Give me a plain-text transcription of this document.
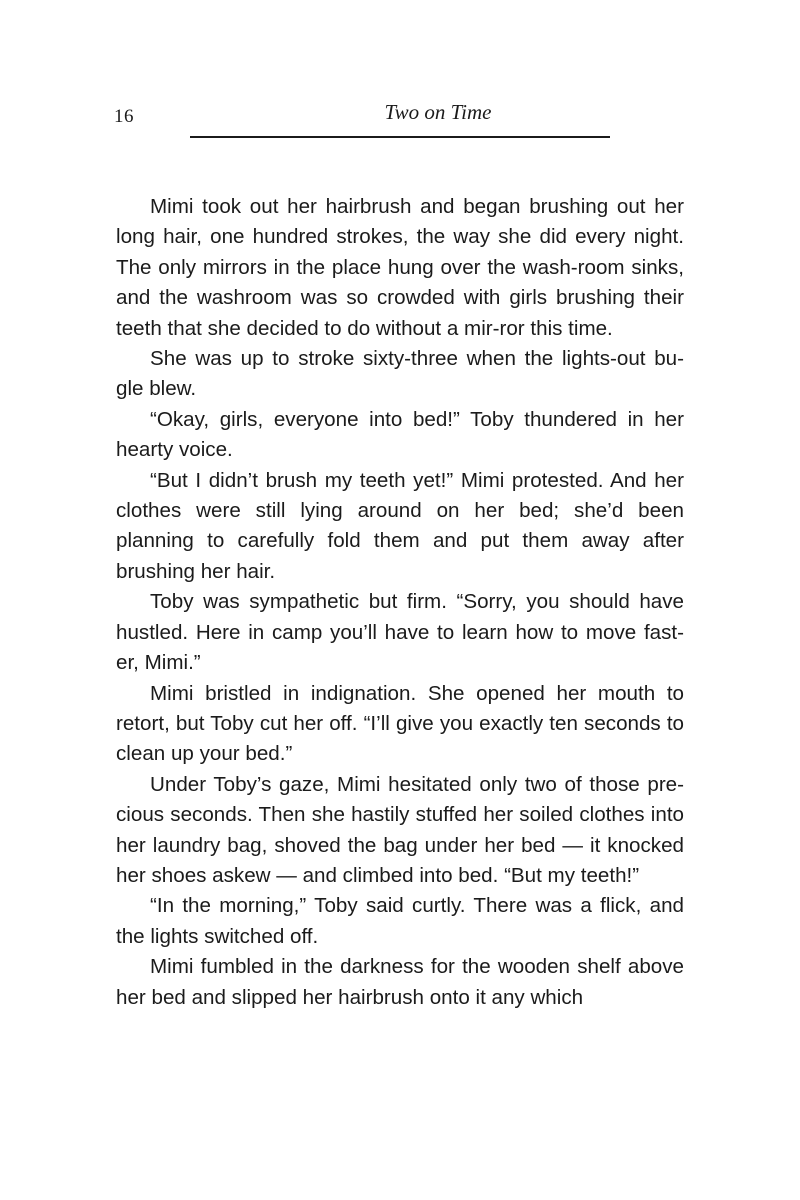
16	Two on Time

Mimi took out her hairbrush and began brushing out her long hair, one hundred strokes, the way she did every night. The only mirrors in the place hung over the wash-room sinks, and the washroom was so crowded with girls brushing their teeth that she decided to do without a mir-ror this time.

She was up to stroke sixty-three when the lights-out bu-gle blew.

“Okay, girls, everyone into bed!” Toby thundered in her hearty voice.

“But I didn’t brush my teeth yet!” Mimi protested. And her clothes were still lying around on her bed; she’d been planning to carefully fold them and put them away after brushing her hair.

Toby was sympathetic but firm. “Sorry, you should have hustled. Here in camp you’ll have to learn how to move fast-er, Mimi.”

Mimi bristled in indignation. She opened her mouth to retort, but Toby cut her off. “I’ll give you exactly ten seconds to clean up your bed.”

Under Toby’s gaze, Mimi hesitated only two of those pre-cious seconds. Then she hastily stuffed her soiled clothes into her laundry bag, shoved the bag under her bed — it knocked her shoes askew — and climbed into bed. “But my teeth!”

“In the morning,” Toby said curtly. There was a flick, and the lights switched off.

Mimi fumbled in the darkness for the wooden shelf above her bed and slipped her hairbrush onto it any which
